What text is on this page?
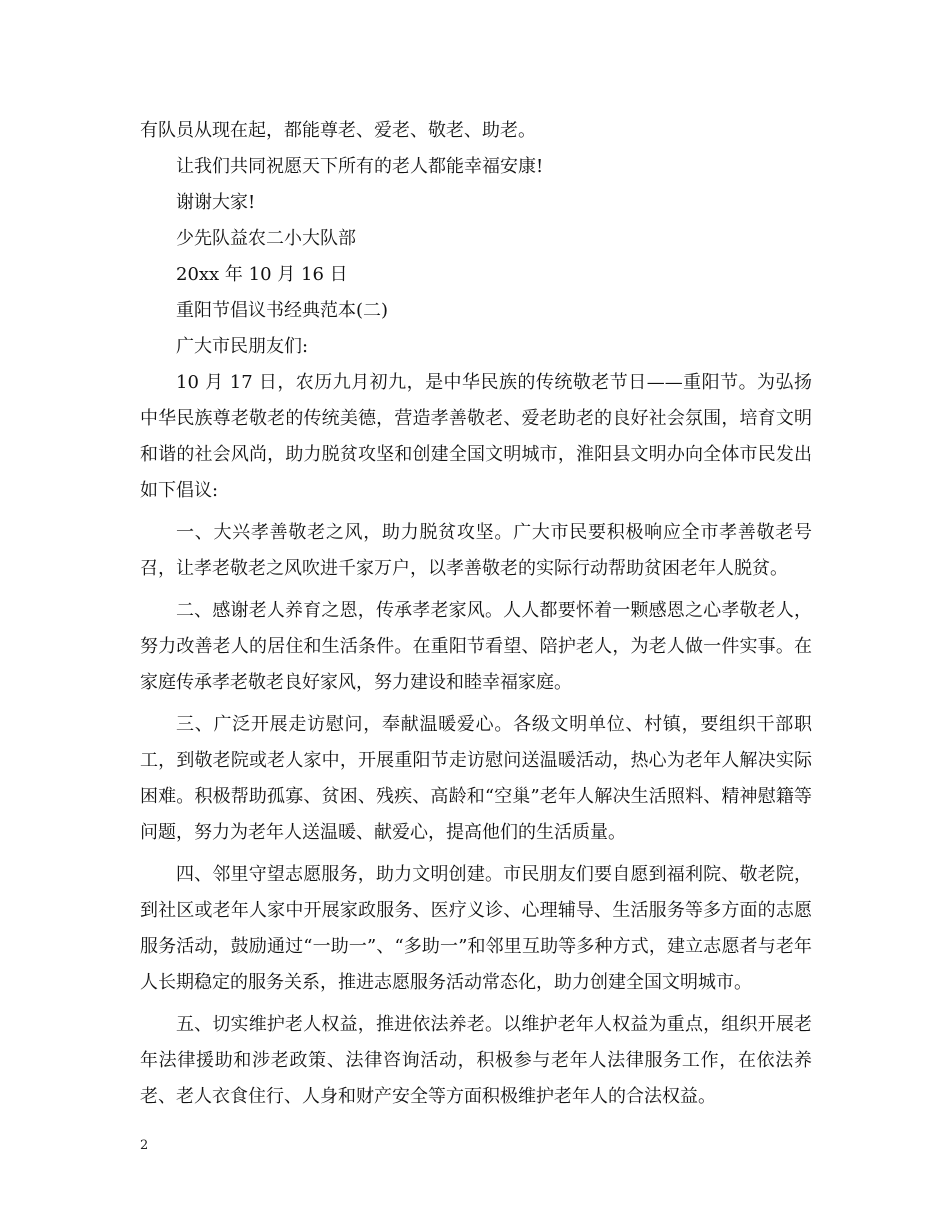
有队员从现在起，都能尊老、爱老、敬老、助老。
让我们共同祝愿天下所有的老人都能幸福安康!
谢谢大家!
少先队益农二小大队部
20xx 年 10 月 16 日
重阳节倡议书经典范本(二)
广大市民朋友们:

10 月 17 日，农历九月初九，是中华民族的传统敬老节日——重阳节。为弘扬中华民族尊老敬老的传统美德，营造孝善敬老、爱老助老的良好社会氛围，培育文明和谐的社会风尚，助力脱贫攻坚和创建全国文明城市，淮阳县文明办向全体市民发出如下倡议:

一、大兴孝善敬老之风，助力脱贫攻坚。广大市民要积极响应全市孝善敬老号召，让孝老敬老之风吹进千家万户，以孝善敬老的实际行动帮助贫困老年人脱贫。

二、感谢老人养育之恩，传承孝老家风。人人都要怀着一颗感恩之心孝敬老人，努力改善老人的居住和生活条件。在重阳节看望、陪护老人，为老人做一件实事。在家庭传承孝老敬老良好家风，努力建设和睦幸福家庭。

三、广泛开展走访慰问，奉献温暖爱心。各级文明单位、村镇，要组织干部职工，到敬老院或老人家中，开展重阳节走访慰问送温暖活动，热心为老年人解决实际困难。积极帮助孤寡、贫困、残疾、高龄和“空巢”老年人解决生活照料、精神慰籍等问题，努力为老年人送温暖、献爱心，提高他们的生活质量。

四、邻里守望志愿服务，助力文明创建。市民朋友们要自愿到福利院、敬老院，到社区或老年人家中开展家政服务、医疗义诊、心理辅导、生活服务等多方面的志愿服务活动，鼓励通过“一助一”、“多助一”和邻里互助等多种方式，建立志愿者与老年人长期稳定的服务关系，推进志愿服务活动常态化，助力创建全国文明城市。

五、切实维护老人权益，推进依法养老。以维护老年人权益为重点，组织开展老年法律援助和涉老政策、法律咨询活动，积极参与老年人法律服务工作，在依法养老、老人衣食住行、人身和财产安全等方面积极维护老年人的合法权益。

2
